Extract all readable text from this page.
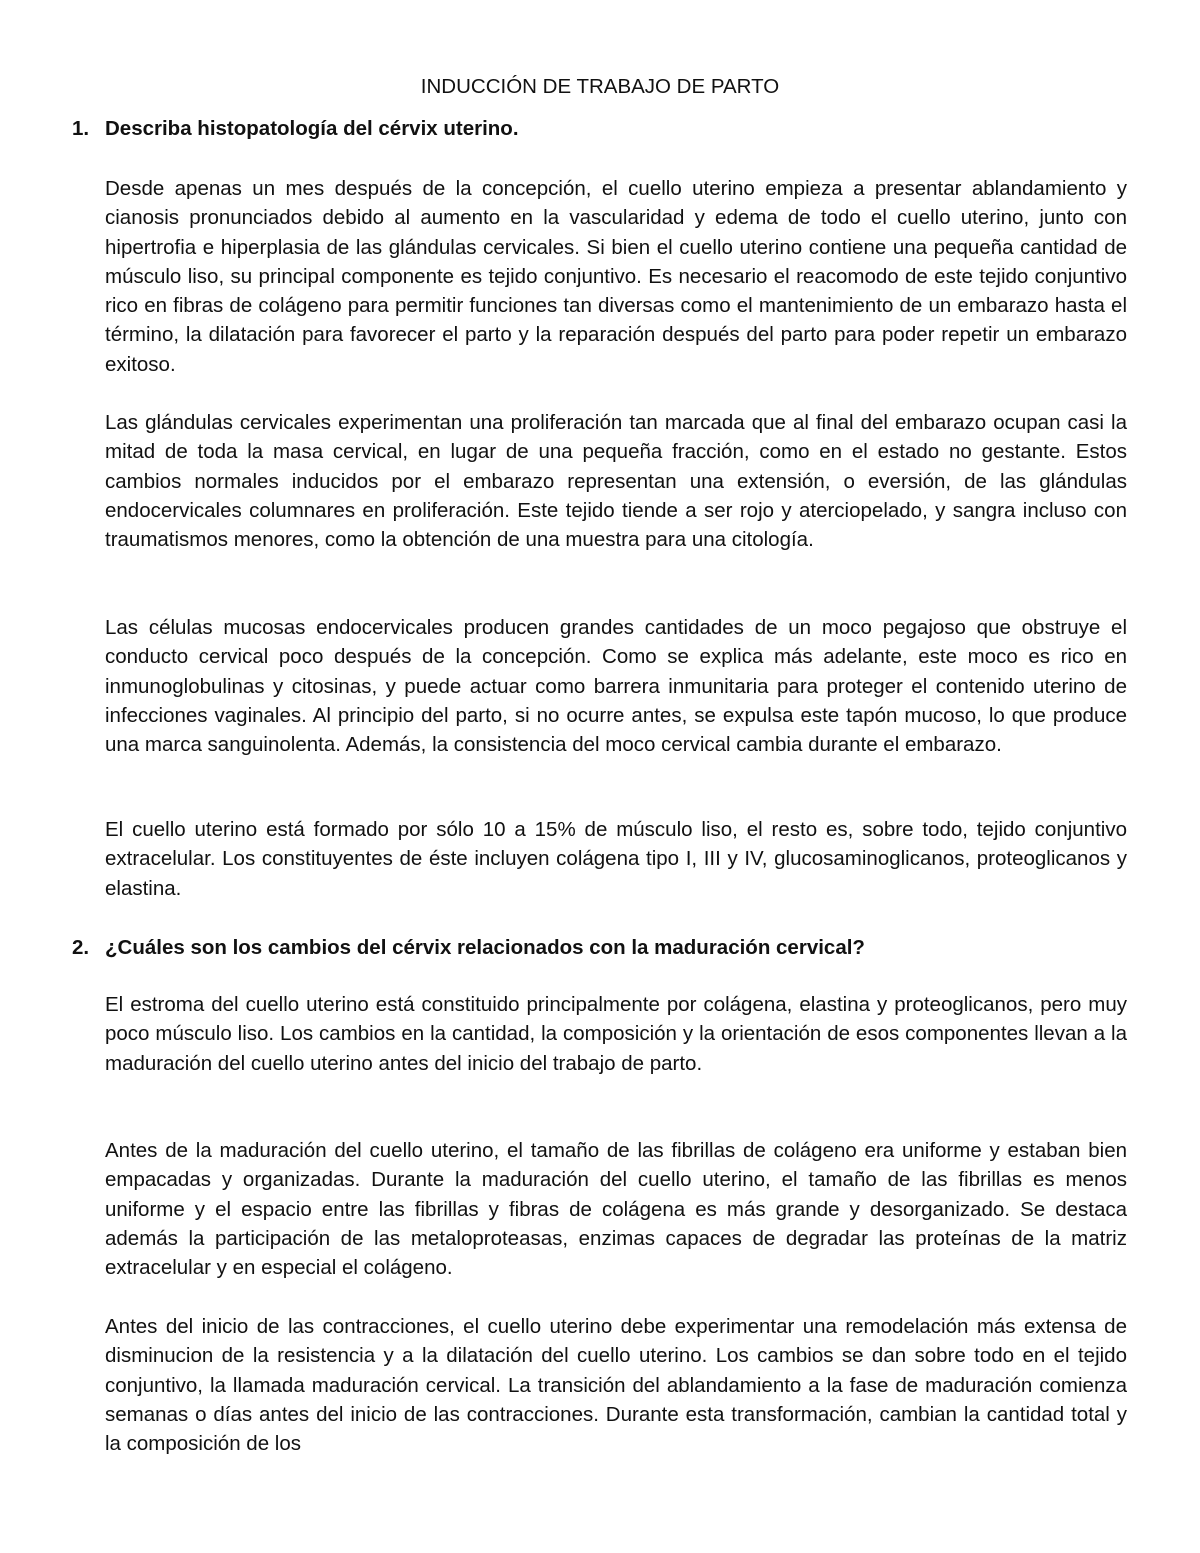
INDUCCIÓN DE TRABAJO DE PARTO
1. Describa histopatología del cérvix uterino.

Desde apenas un mes después de la concepción, el cuello uterino empieza a presentar ablandamiento y cianosis pronunciados debido al aumento en la vascularidad y edema de todo el cuello uterino, junto con hipertrofia e hiperplasia de las glándulas cervicales. Si bien el cuello uterino contiene una pequeña cantidad de músculo liso, su principal componente es tejido conjuntivo. Es necesario el reacomodo de este tejido conjuntivo rico en fibras de colágeno para permitir funciones tan diversas como el mantenimiento de un embarazo hasta el término, la dilatación para favorecer el parto y la reparación después del parto para poder repetir un embarazo exitoso.

Las glándulas cervicales experimentan una proliferación tan marcada que al final del embarazo ocupan casi la mitad de toda la masa cervical, en lugar de una pequeña fracción, como en el estado no gestante. Estos cambios normales inducidos por el embarazo representan una extensión, o eversión, de las glándulas endocervicales columnares en proliferación. Este tejido tiende a ser rojo y aterciopelado, y sangra incluso con traumatismos menores, como la obtención de una muestra para una citología.

Las células mucosas endocervicales producen grandes cantidades de un moco pegajoso que obstruye el conducto cervical poco después de la concepción. Como se explica más adelante, este moco es rico en inmunoglobulinas y citosinas, y puede actuar como barrera inmunitaria para proteger el contenido uterino de infecciones vaginales. Al principio del parto, si no ocurre antes, se expulsa este tapón mucoso, lo que produce una marca sanguinolenta. Además, la consistencia del moco cervical cambia durante el embarazo.

El cuello uterino está formado por sólo 10 a 15% de músculo liso, el resto es, sobre todo, tejido conjuntivo extracelular. Los constituyentes de éste incluyen colágena tipo I, III y IV, glucosaminoglicanos, proteoglicanos y elastina.

2. ¿Cuáles son los cambios del cérvix relacionados con la maduración cervical?

El estroma del cuello uterino está constituido principalmente por colágena, elastina y proteoglicanos, pero muy poco músculo liso. Los cambios en la cantidad, la composición y la orientación de esos componentes llevan a la maduración del cuello uterino antes del inicio del trabajo de parto.

Antes de la maduración del cuello uterino, el tamaño de las fibrillas de colágeno era uniforme y estaban bien empacadas y organizadas. Durante la maduración del cuello uterino, el tamaño de las fibrillas es menos uniforme y el espacio entre las fibrillas y fibras de colágena es más grande y desorganizado. Se destaca además la participación de las metaloproteasas, enzimas capaces de degradar las proteínas de la matriz extracelular y en especial el colágeno.

Antes del inicio de las contracciones, el cuello uterino debe experimentar una remodelación más extensa de disminucion de la resistencia y a la dilatación del cuello uterino. Los cambios se dan sobre todo en el tejido conjuntivo, la llamada maduración cervical. La transición del ablandamiento a la fase de maduración comienza semanas o días antes del inicio de las contracciones. Durante esta transformación, cambian la cantidad total y la composición de los
